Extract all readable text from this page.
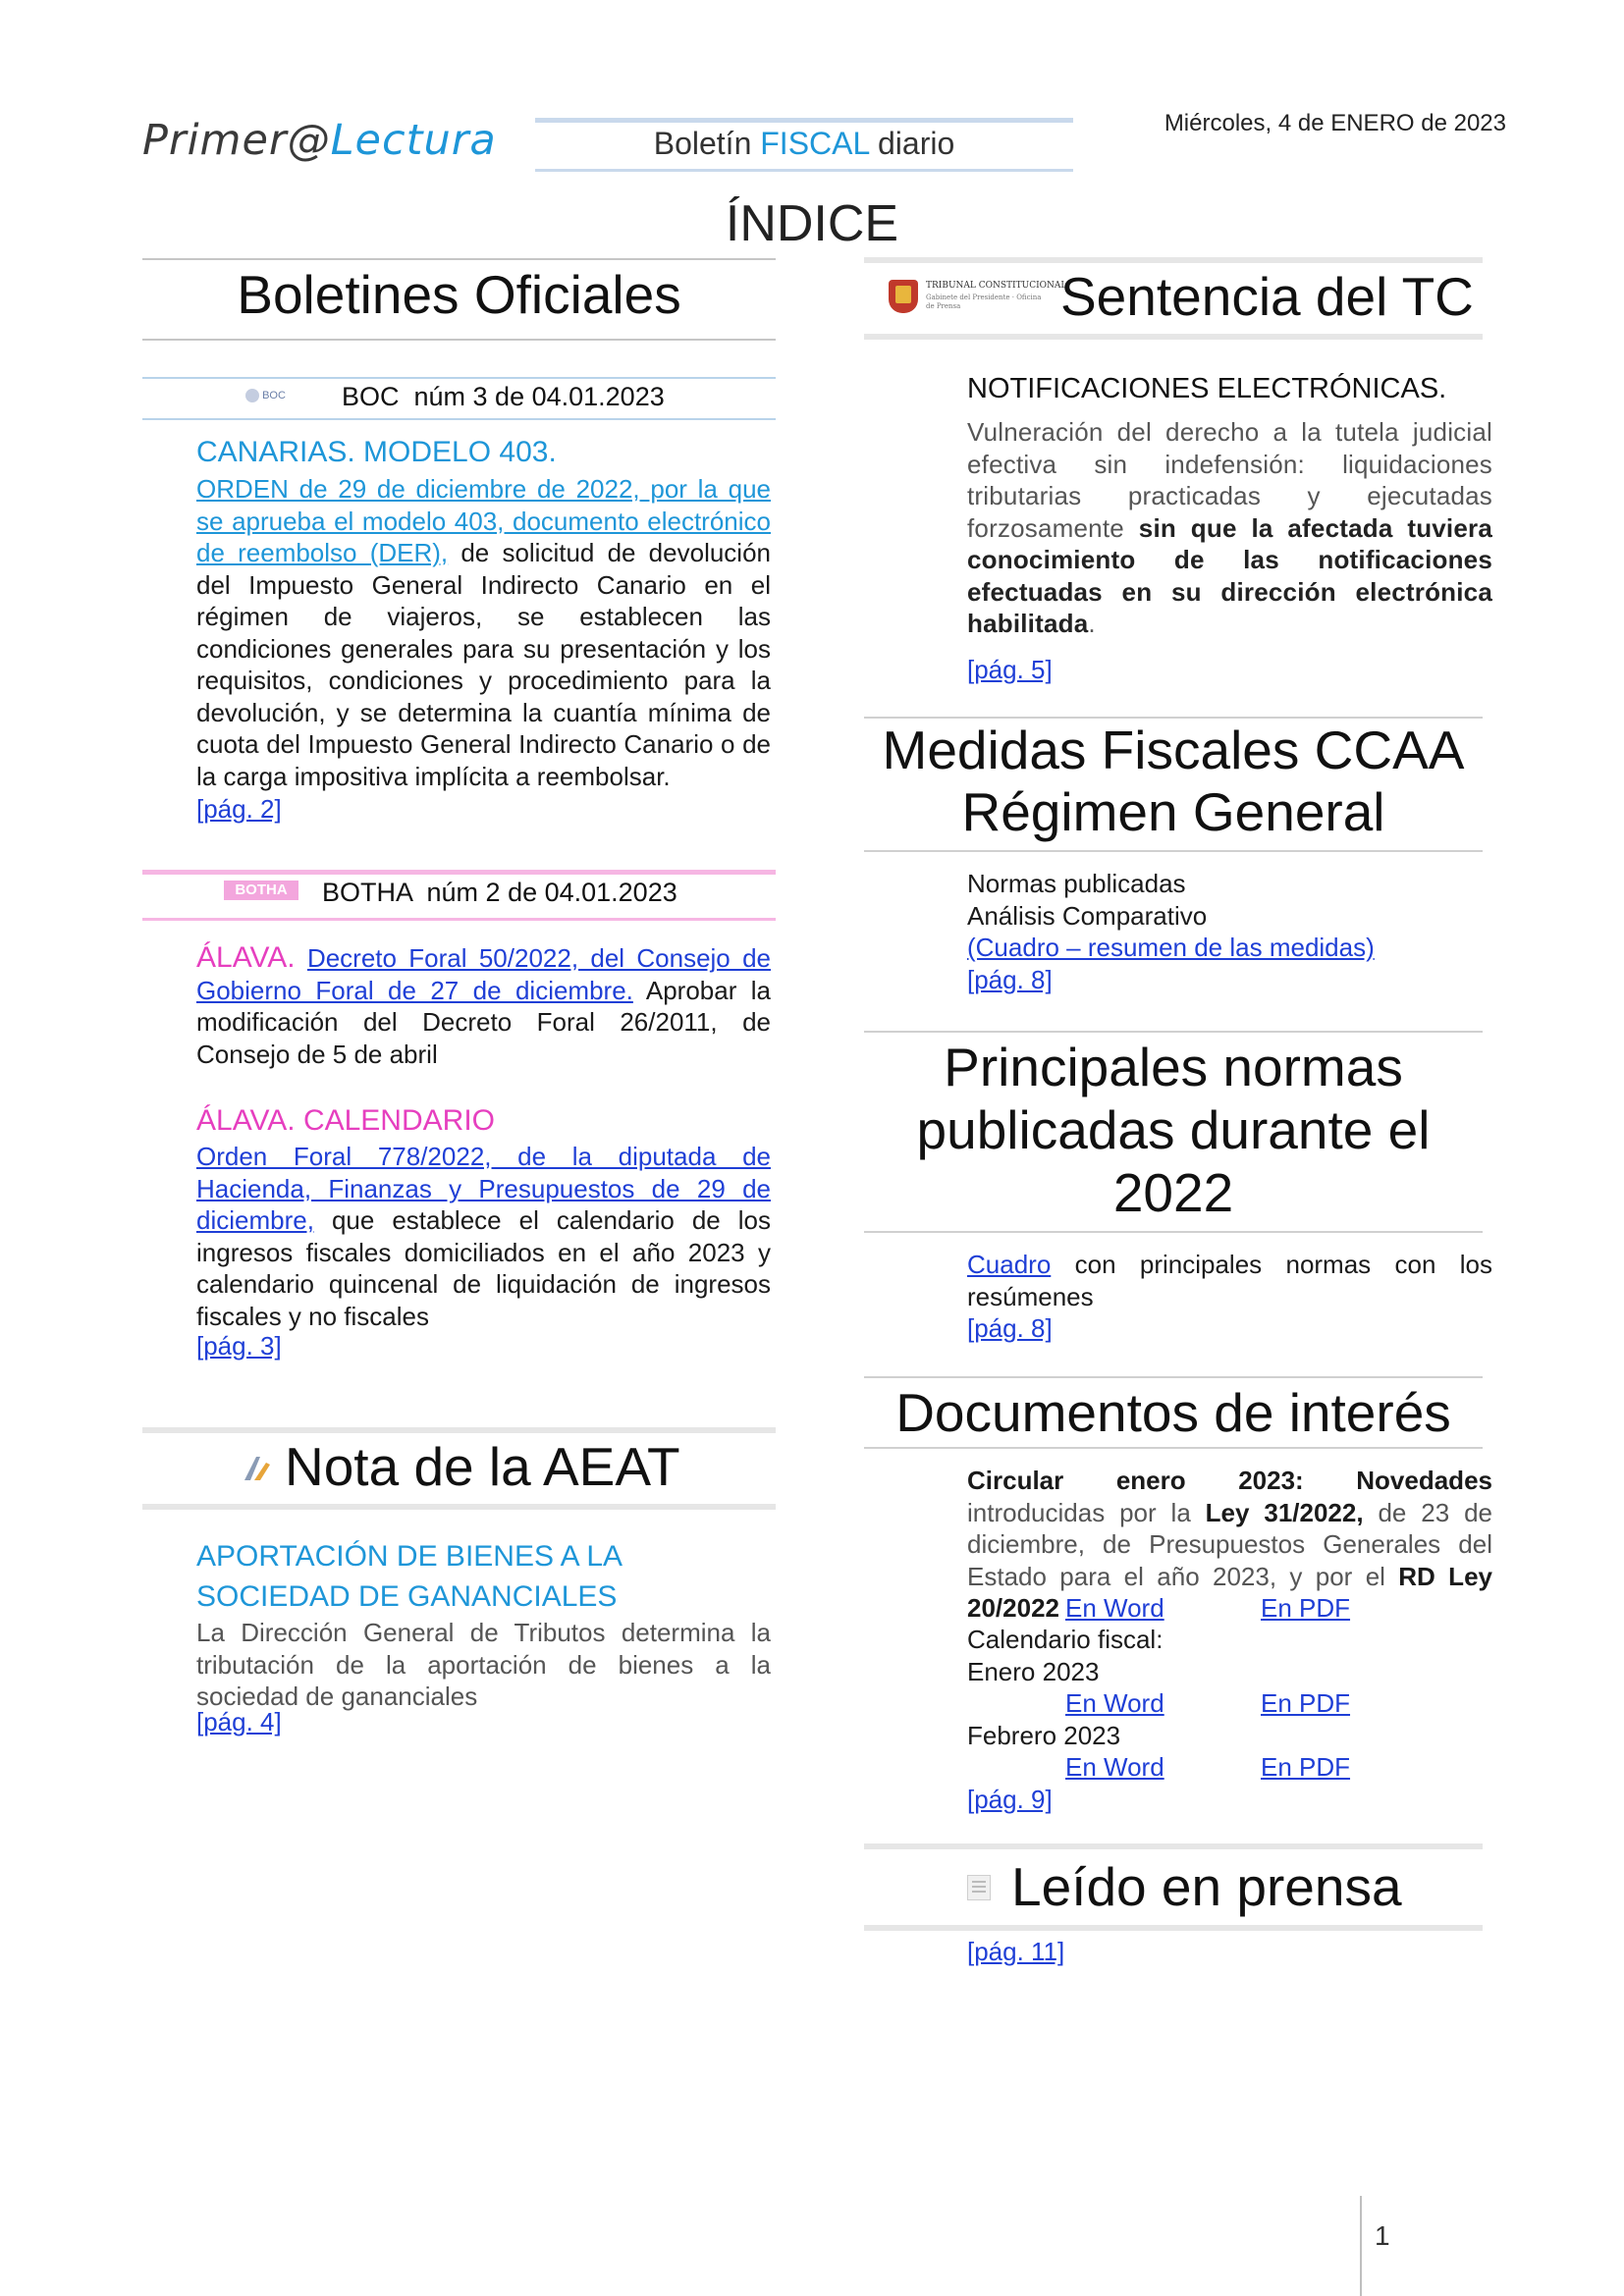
Primer@Lectura	Boletín FISCAL diario
Miércoles, 4 de ENERO de 2023
ÍNDICE
Boletines Oficiales
BOC	BOC  núm 3 de 04.01.2023
CANARIAS. MODELO 403.
ORDEN de 29 de diciembre de 2022, por la que se aprueba el modelo 403, documento electrónico de reembolso (DER), de solicitud de devolución del Impuesto General Indirecto Canario en el régimen de viajeros, se establecen las condiciones generales para su presentación y los requisitos, condiciones y procedimiento para la devolución, y se determina la cuantía mínima de cuota del Impuesto General Indirecto Canario o de la carga impositiva implícita a reembolsar.
[pág. 2]
BOTHA	BOTHA  núm 2 de 04.01.2023
ÁLAVA. Decreto Foral 50/2022, del Consejo de Gobierno Foral de 27 de diciembre. Aprobar la modificación del Decreto Foral 26/2011, de Consejo de 5 de abril
ÁLAVA. CALENDARIO
Orden Foral 778/2022, de la diputada de Hacienda, Finanzas y Presupuestos de 29 de diciembre, que establece el calendario de los ingresos fiscales domiciliados en el año 2023 y calendario quincenal de liquidación de ingresos fiscales y no fiscales
[pág. 3]
Nota de la AEAT
APORTACIÓN DE BIENES A LA SOCIEDAD DE GANANCIALES
La Dirección General de Tributos determina la tributación de la aportación de bienes a la sociedad de gananciales
[pág. 4]
TRIBUNAL CONSTITUCIONAL
Gabinete del Presidente · Oficina de Prensa	Sentencia del TC
NOTIFICACIONES ELECTRÓNICAS.
Vulneración del derecho a la tutela judicial efectiva sin indefensión: liquidaciones tributarias practicadas y ejecutadas forzosamente sin que la afectada tuviera conocimiento de las notificaciones efectuadas en su dirección electrónica habilitada.
[pág. 5]
Medidas Fiscales CCAA
Régimen General
Normas publicadas
Análisis Comparativo
(Cuadro – resumen de las medidas)
[pág. 8]
Principales normas
publicadas durante el
2022
Cuadro con principales normas con los resúmenes
[pág. 8]
Documentos de interés
Circular enero 2023: Novedades introducidas por la Ley 31/2022, de 23 de diciembre, de Presupuestos Generales del Estado para el año 2023, y por el RD Ley 20/2022 En Word	En PDF
Calendario fiscal:
Enero 2023
En Word	En PDF
Febrero 2023
En Word	En PDF
[pág. 9]
Leído en prensa
[pág. 11]
1
